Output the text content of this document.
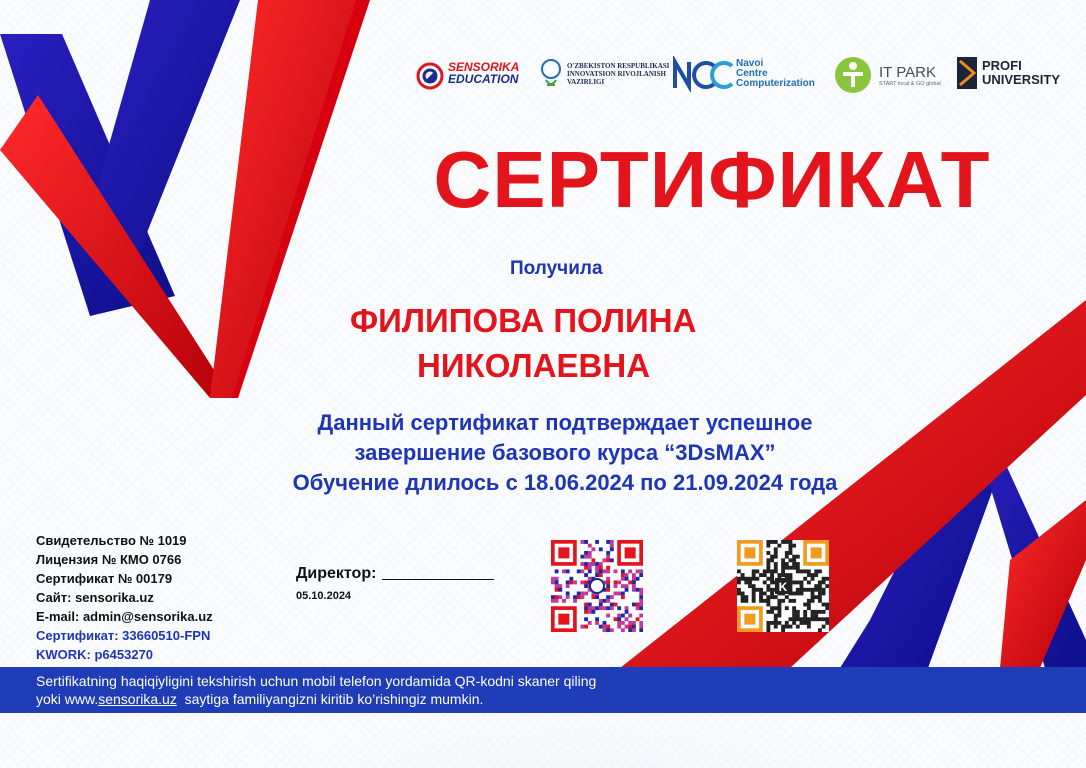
SENSORIKA
EDUCATION
O'ZBEKISTON RESPUBLIKASI
INNOVATSION RIVOJLANISH
VAZIRLIGI
Navoi
Centre
Computerization
IT PARK
START local & GO global
PROFI
UNIVERSITY
СЕРТИФИКАТ
Получила
ФИЛИПОВА ПОЛИНА
НИКОЛАЕВНА
Данный сертификат подтверждает успешное
завершение базового курса “3DsMAX”
Обучение длилось с 18.06.2024 по 21.09.2024 года
Свидетельство № 1019
Лицензия № КМО 0766
Сертификат № 00179
Сайт: sensorika.uz
E-mail: admin@sensorika.uz
Сертификат: 33660510-FPN
KWORK: p6453270
Директор:
05.10.2024
K
Sertifikatning haqiqiyligini tekshirish uchun mobil telefon yordamida QR-kodni skaner qiling
yoki www.sensorika.uz  saytiga familiyangizni kiritib ko’rishingiz mumkin.
